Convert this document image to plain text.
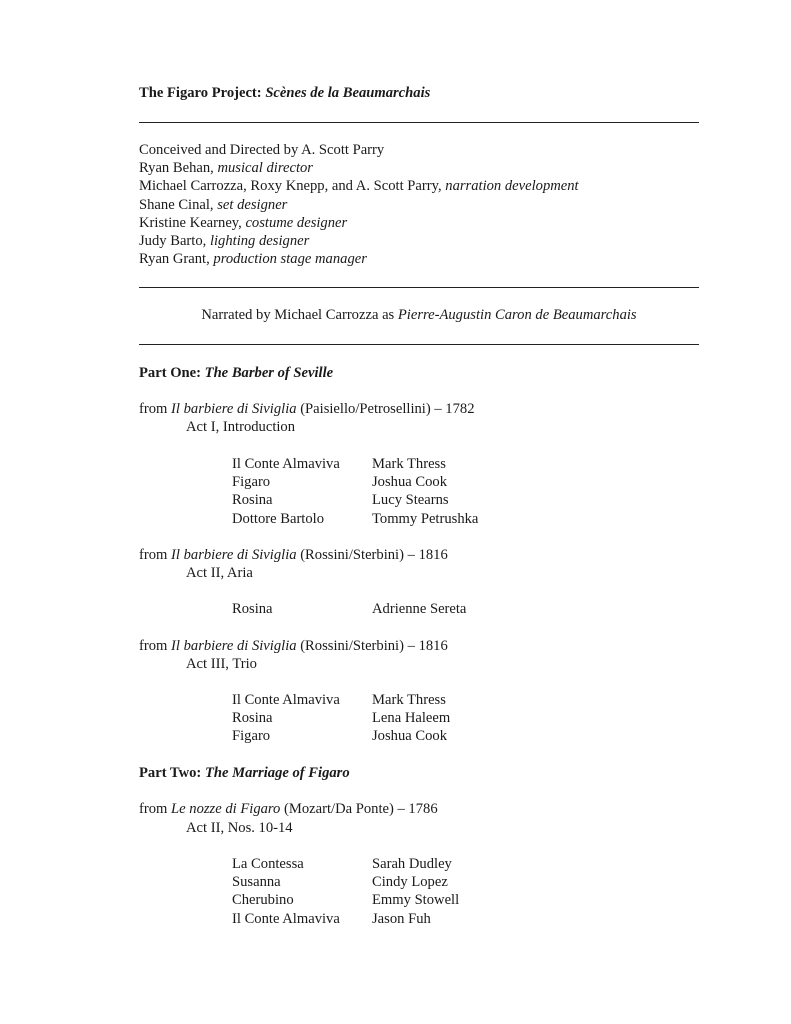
The Figaro Project: Scènes de la Beaumarchais
Conceived and Directed by A. Scott Parry
Ryan Behan, musical director
Michael Carrozza, Roxy Knepp, and A. Scott Parry, narration development
Shane Cinal, set designer
Kristine Kearney, costume designer
Judy Barto, lighting designer
Ryan Grant, production stage manager
Narrated by Michael Carrozza as Pierre-Augustin Caron de Beaumarchais
Part One: The Barber of Seville
from Il barbiere di Siviglia (Paisiello/Petrosellini) – 1782
Act I, Introduction
Il Conte Almaviva	Mark Thress
Figaro	Joshua Cook
Rosina	Lucy Stearns
Dottore Bartolo	Tommy Petrushka
from Il barbiere di Siviglia (Rossini/Sterbini) – 1816
Act II, Aria
Rosina	Adrienne Sereta
from Il barbiere di Siviglia (Rossini/Sterbini) – 1816
Act III, Trio
Il Conte Almaviva	Mark Thress
Rosina	Lena Haleem
Figaro	Joshua Cook
Part Two: The Marriage of Figaro
from Le nozze di Figaro (Mozart/Da Ponte) – 1786
Act II, Nos. 10-14
La Contessa	Sarah Dudley
Susanna	Cindy Lopez
Cherubino	Emmy Stowell
Il Conte Almaviva	Jason Fuh
